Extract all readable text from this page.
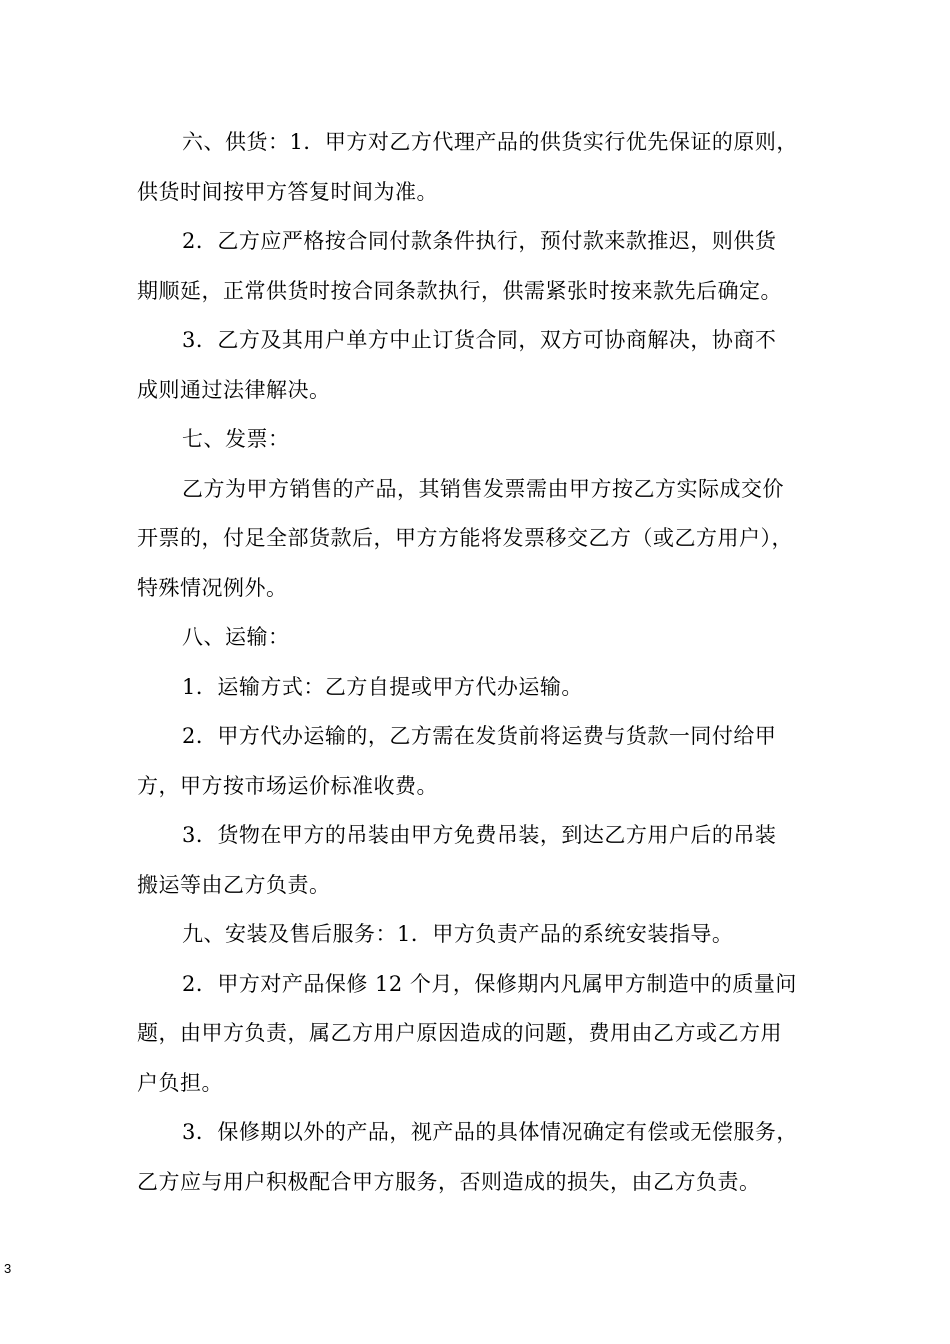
六、供货：1．甲方对乙方代理产品的供货实行优先保证的原则，
供货时间按甲方答复时间为准。
2．乙方应严格按合同付款条件执行，预付款来款推迟，则供货
期顺延，正常供货时按合同条款执行，供需紧张时按来款先后确定。
3．乙方及其用户单方中止订货合同，双方可协商解决，协商不
成则通过法律解决。
七、发票：
乙方为甲方销售的产品，其销售发票需由甲方按乙方实际成交价
开票的，付足全部货款后，甲方方能将发票移交乙方（或乙方用户），
特殊情况例外。
八、运输：
1．运输方式：乙方自提或甲方代办运输。
2．甲方代办运输的，乙方需在发货前将运费与货款一同付给甲
方，甲方按市场运价标准收费。
3．货物在甲方的吊装由甲方免费吊装，到达乙方用户后的吊装
搬运等由乙方负责。
九、安装及售后服务：1．甲方负责产品的系统安装指导。
2．甲方对产品保修 12 个月，保修期内凡属甲方制造中的质量问
题，由甲方负责，属乙方用户原因造成的问题，费用由乙方或乙方用
户负担。
3．保修期以外的产品，视产品的具体情况确定有偿或无偿服务，
乙方应与用户积极配合甲方服务，否则造成的损失，由乙方负责。
3
